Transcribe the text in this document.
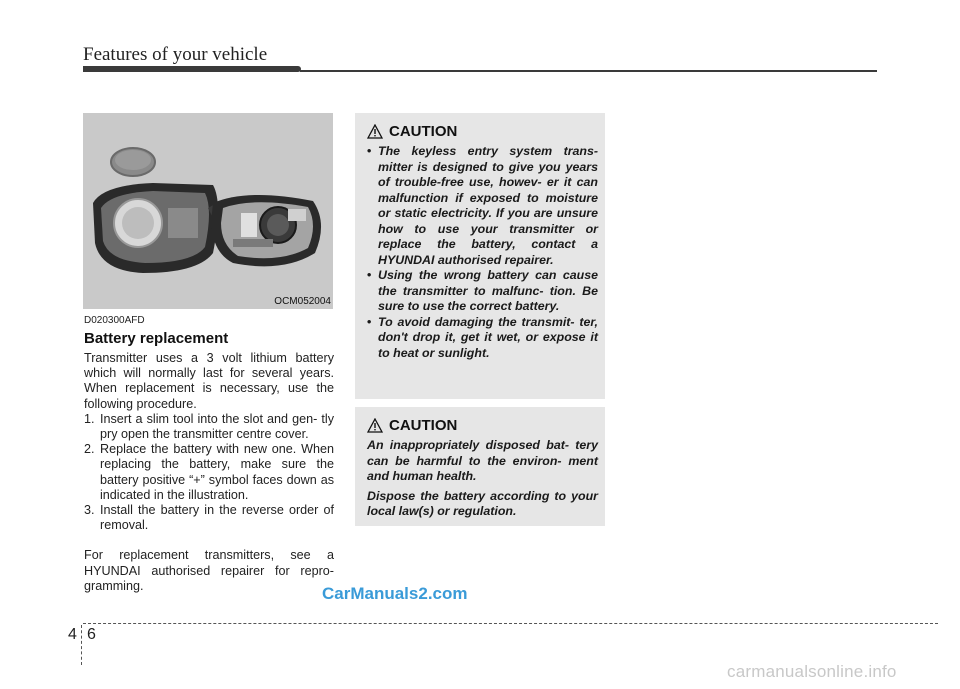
Features of your vehicle
OCM052004
D020300AFD
Battery replacement

Transmitter uses a 3 volt lithium battery which will normally last for several years. When replacement is necessary, use the following procedure.

1. Insert a slim tool into the slot and gen- tly pry open the transmitter centre cover.

2. Replace the battery with new one. When replacing the battery, make sure the battery positive “+” symbol faces down as indicated in the illustration.

3. Install the battery in the reverse order of removal.

For replacement transmitters, see a HYUNDAI authorised repairer for repro- gramming.

CAUTION

• The keyless entry system trans- mitter is designed to give you years of trouble-free use, howev- er it can malfunction if exposed to moisture or static electricity. If you are unsure how to use your transmitter or replace the battery, contact a HYUNDAI authorised repairer.

• Using the wrong battery can cause the transmitter to malfunc- tion. Be sure to use the correct battery.

• To avoid damaging the transmit- ter, don't drop it, get it wet, or expose it to heat or sunlight.

CAUTION

An inappropriately disposed bat- tery can be harmful to the environ- ment and human health.

Dispose the battery according to your local law(s) or regulation.

CarManuals2.com
4 6
carmanualsonline.info
